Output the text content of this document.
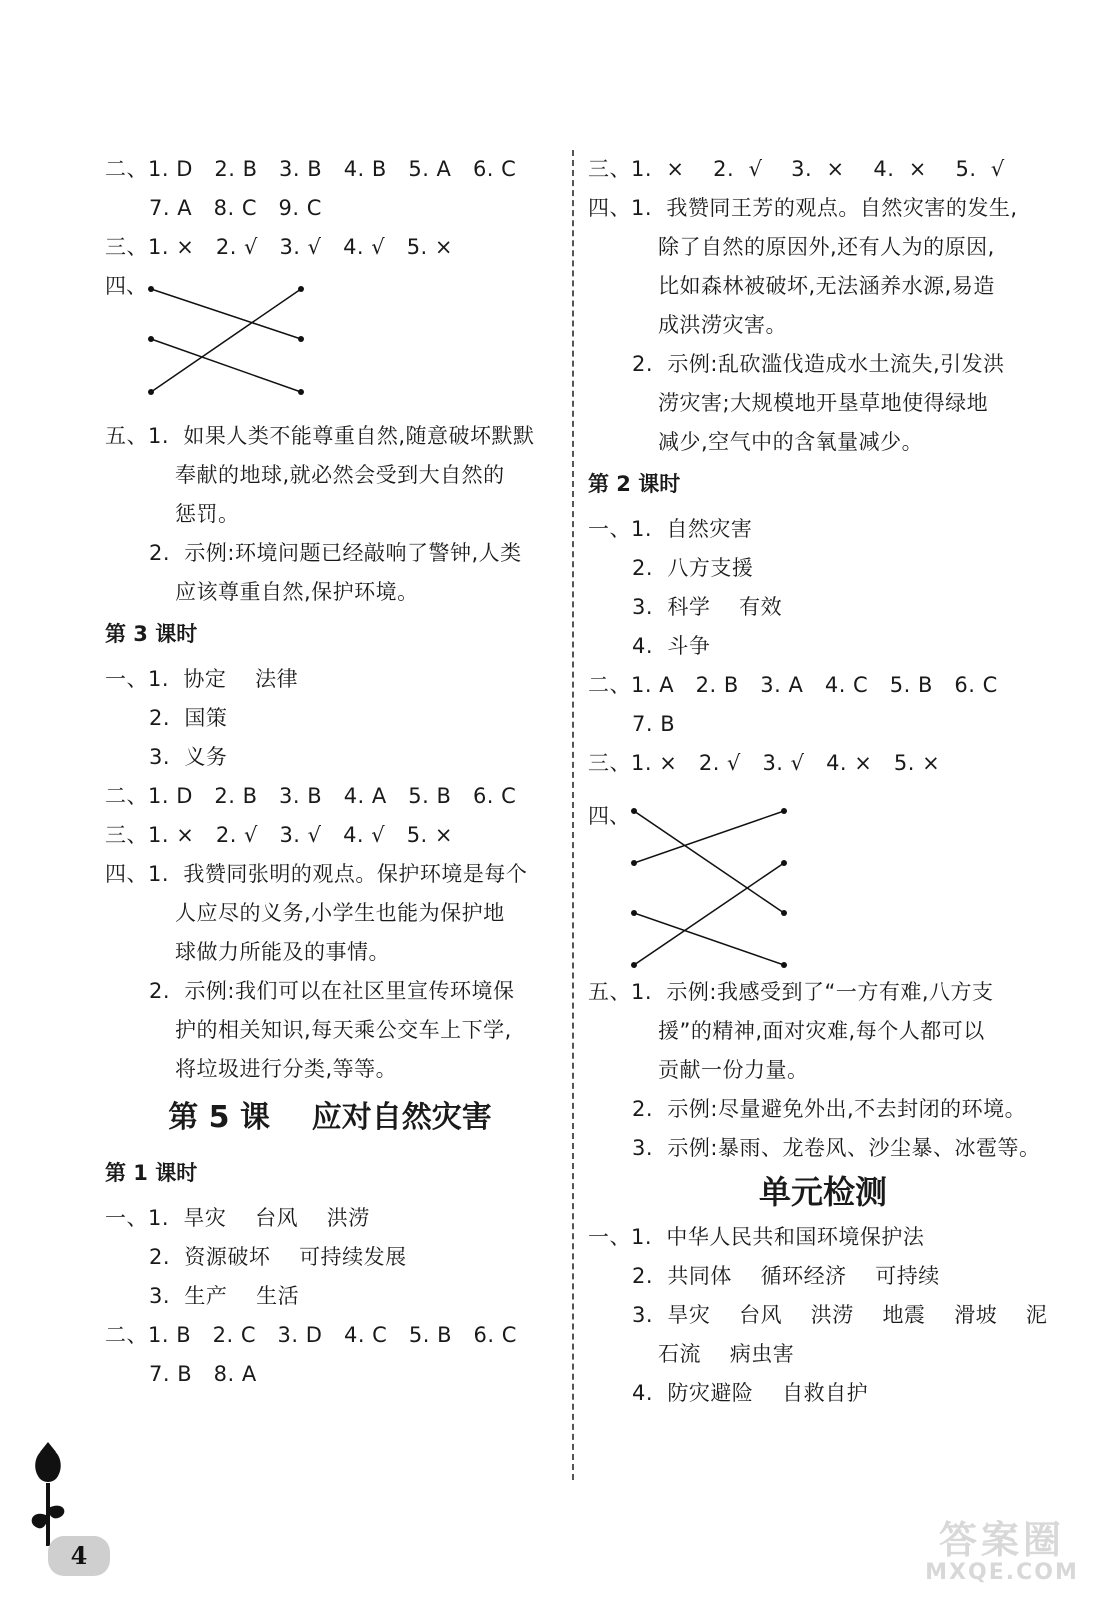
二、1. D   2. B   3. B   4. B   5. A   6. C
7. A   8. C   9. C
三、1. ×   2. √   3. √   4. √   5. ×
四、
五、1.  如果人类不能尊重自然,随意破坏默默
奉献的地球,就必然会受到大自然的
惩罚。
2.  示例:环境问题已经敲响了警钟,人类
应该尊重自然,保护环境。
第 3 课时
一、1.  协定    法律
2.  国策
3.  义务
二、1. D   2. B   3. B   4. A   5. B   6. C
三、1. ×   2. √   3. √   4. √   5. ×
四、1.  我赞同张明的观点。保护环境是每个
人应尽的义务,小学生也能为保护地
球做力所能及的事情。
2.  示例:我们可以在社区里宣传环境保
护的相关知识,每天乘公交车上下学,
将垃圾进行分类,等等。
第 5 课    应对自然灾害
第 1 课时
一、1.  旱灾    台风    洪涝
2.  资源破坏    可持续发展
3.  生产    生活
二、1. B   2. C   3. D   4. C   5. B   6. C
7. B   8. A
三、1.  ×    2.  √    3.  ×    4.  ×    5.  √
四、1.  我赞同王芳的观点。自然灾害的发生,
除了自然的原因外,还有人为的原因,
比如森林被破坏,无法涵养水源,易造
成洪涝灾害。
2.  示例:乱砍滥伐造成水土流失,引发洪
涝灾害;大规模地开垦草地使得绿地
减少,空气中的含氧量减少。
第 2 课时
一、1.  自然灾害
2.  八方支援
3.  科学    有效
4.  斗争
二、1. A   2. B   3. A   4. C   5. B   6. C
7. B
三、1. ×   2. √   3. √   4. ×   5. ×
四、
五、1.  示例:我感受到了“一方有难,八方支
援”的精神,面对灾难,每个人都可以
贡献一份力量。
2.  示例:尽量避免外出,不去封闭的环境。
3.  示例:暴雨、龙卷风、沙尘暴、冰雹等。
单元检测
一、1.  中华人民共和国环境保护法
2.  共同体    循环经济    可持续
3.  旱灾    台风    洪涝    地震    滑坡    泥
石流    病虫害
4.  防灾避险    自救自护
4	答案圈
MXQE.COM
